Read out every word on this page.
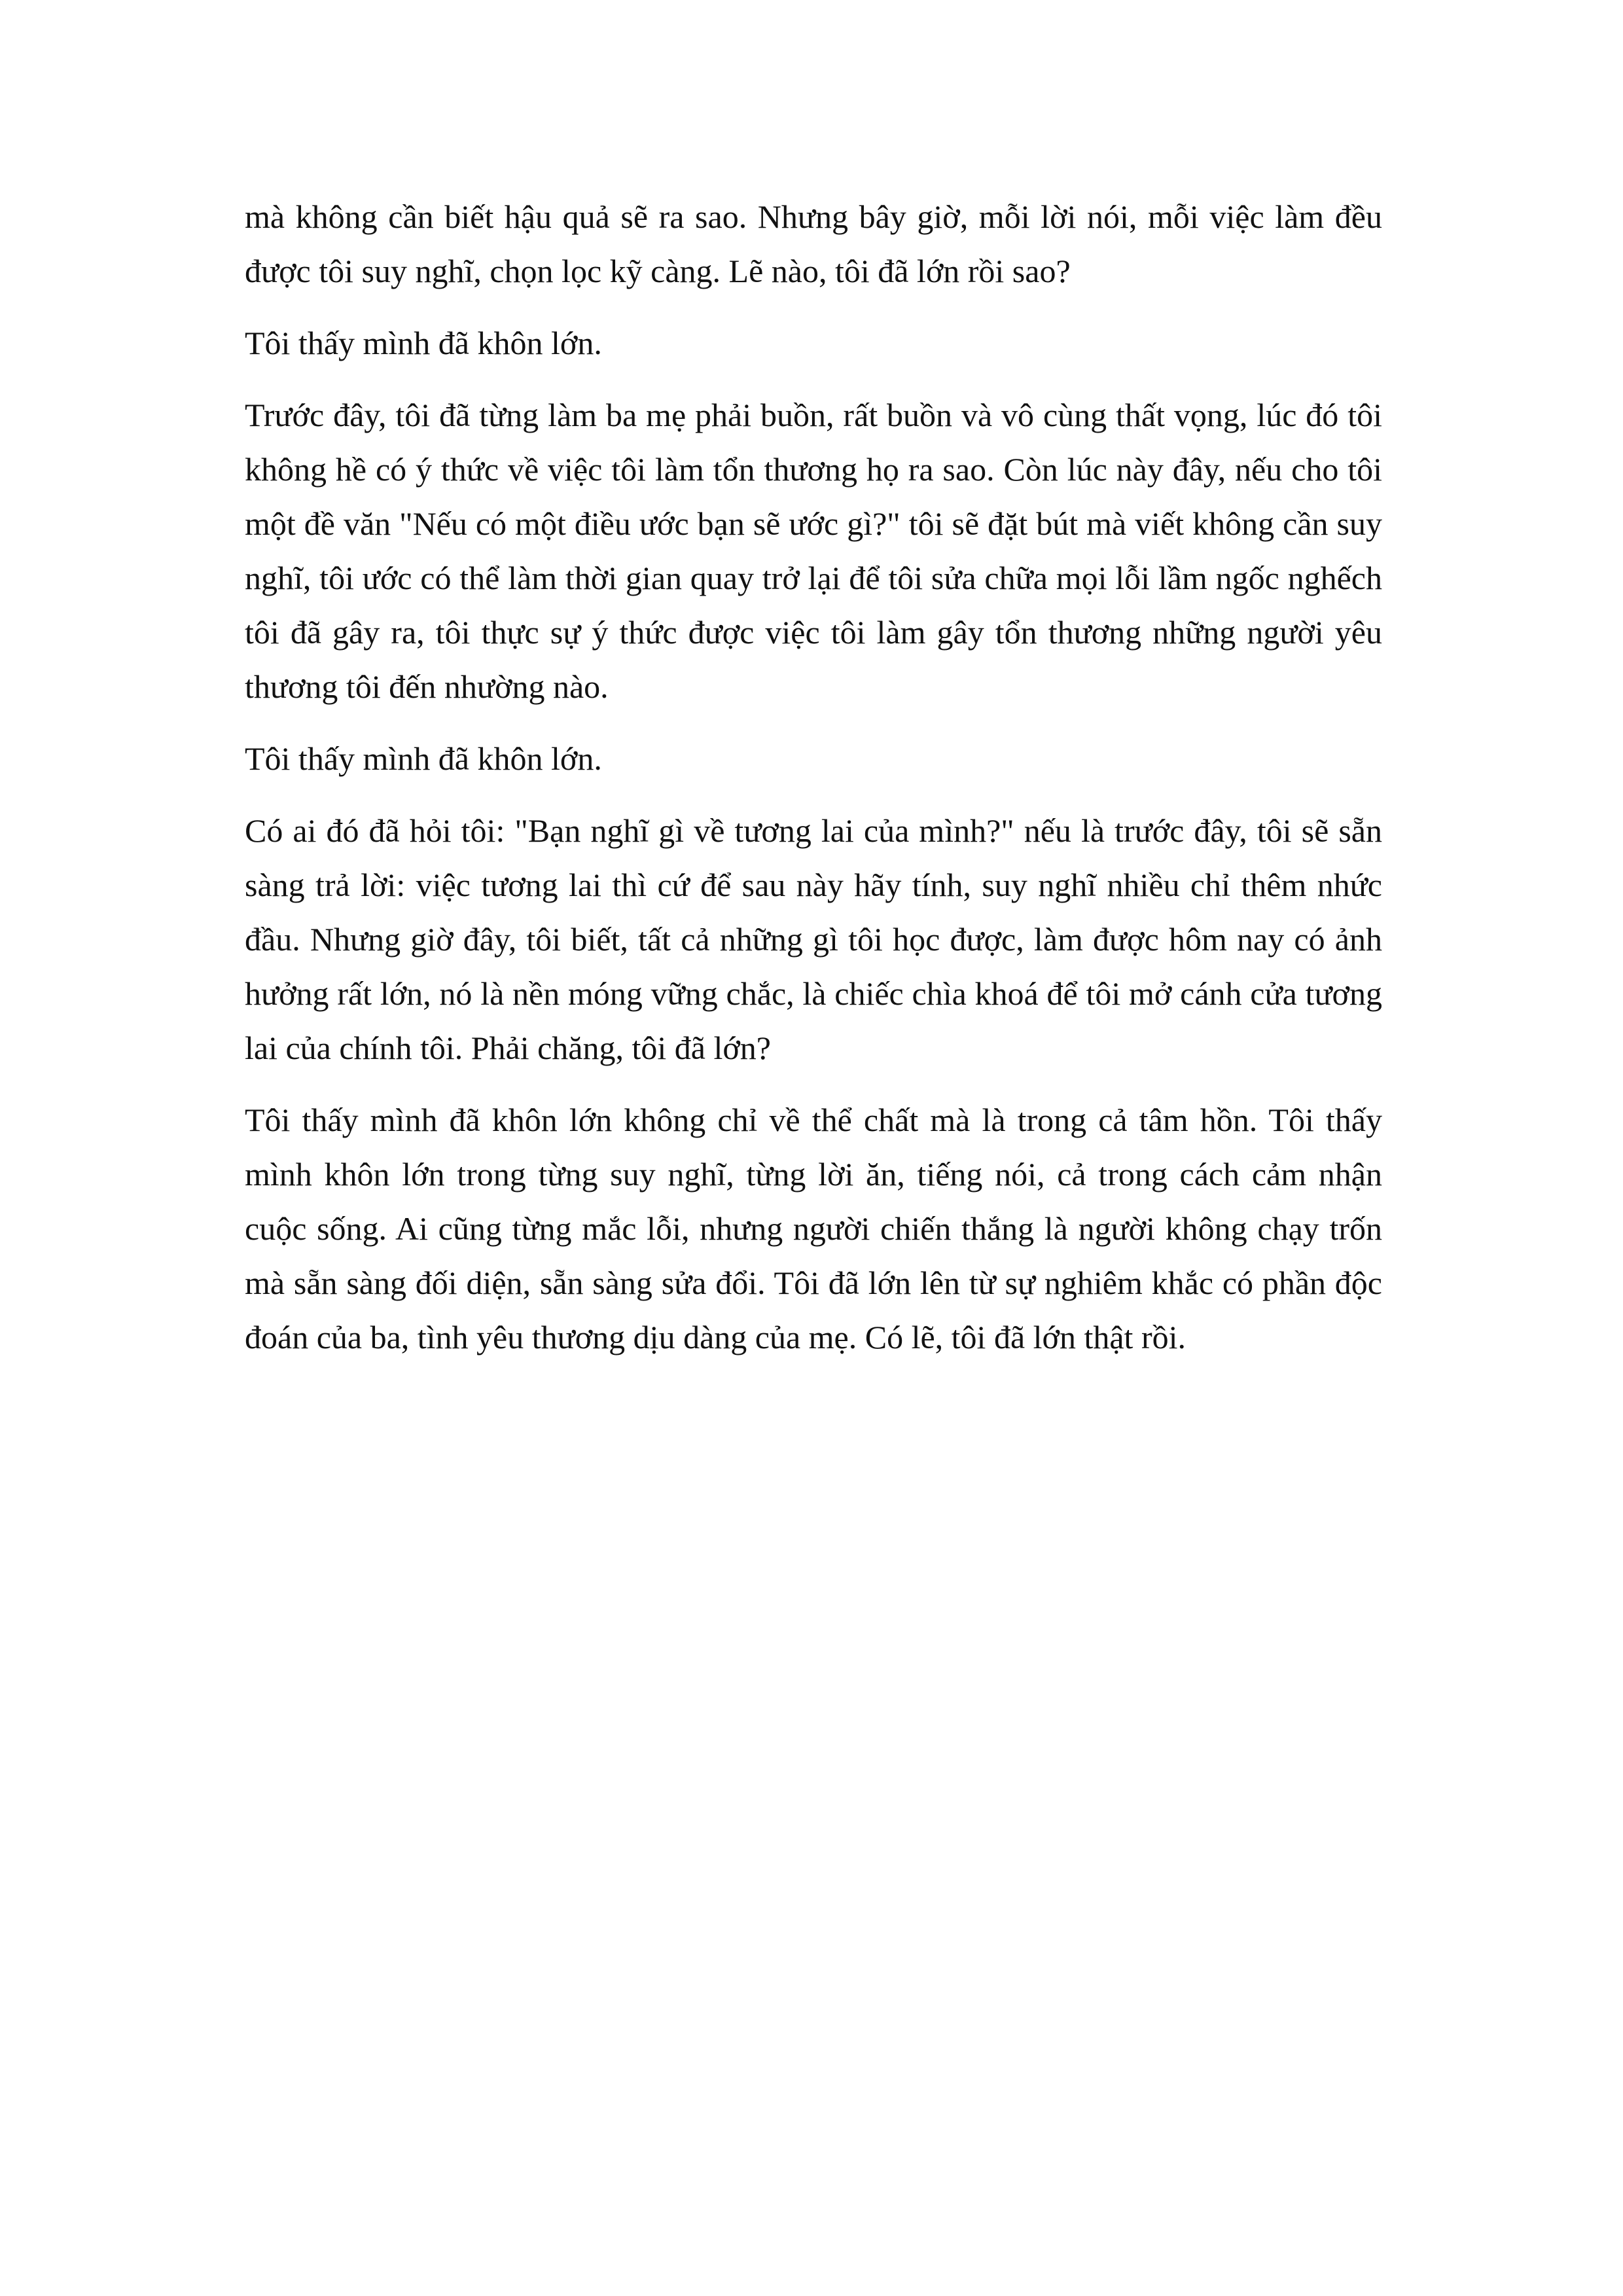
mà không cần biết hậu quả sẽ ra sao. Nhưng bây giờ, mỗi lời nói, mỗi việc làm đều được tôi suy nghĩ, chọn lọc kỹ càng. Lẽ nào, tôi đã lớn rồi sao?

Tôi thấy mình đã khôn lớn.

Trước đây, tôi đã từng làm ba mẹ phải buồn, rất buồn và vô cùng thất vọng, lúc đó tôi không hề có ý thức về việc tôi làm tổn thương họ ra sao. Còn lúc này đây, nếu cho tôi một đề văn "Nếu có một điều ước bạn sẽ ước gì?" tôi sẽ đặt bút mà viết không cần suy nghĩ, tôi ước có thể làm thời gian quay trở lại để tôi sửa chữa mọi lỗi lầm ngốc nghếch tôi đã gây ra, tôi thực sự ý thức được việc tôi làm gây tổn thương những người yêu thương tôi đến nhường nào.

Tôi thấy mình đã khôn lớn.

Có ai đó đã hỏi tôi: "Bạn nghĩ gì về tương lai của mình?" nếu là trước đây, tôi sẽ sẵn sàng trả lời: việc tương lai thì cứ để sau này hãy tính, suy nghĩ nhiều chỉ thêm nhức đầu. Nhưng giờ đây, tôi biết, tất cả những gì tôi học được, làm được hôm nay có ảnh hưởng rất lớn, nó là nền móng vững chắc, là chiếc chìa khoá để tôi mở cánh cửa tương lai của chính tôi. Phải chăng, tôi đã lớn?

Tôi thấy mình đã khôn lớn không chỉ về thể chất mà là trong cả tâm hồn. Tôi thấy mình khôn lớn trong từng suy nghĩ, từng lời ăn, tiếng nói, cả trong cách cảm nhận cuộc sống. Ai cũng từng mắc lỗi, nhưng người chiến thắng là người không chạy trốn mà sẵn sàng đối diện, sẵn sàng sửa đổi. Tôi đã lớn lên từ sự nghiêm khắc có phần độc đoán của ba, tình yêu thương dịu dàng của mẹ. Có lẽ, tôi đã lớn thật rồi.
